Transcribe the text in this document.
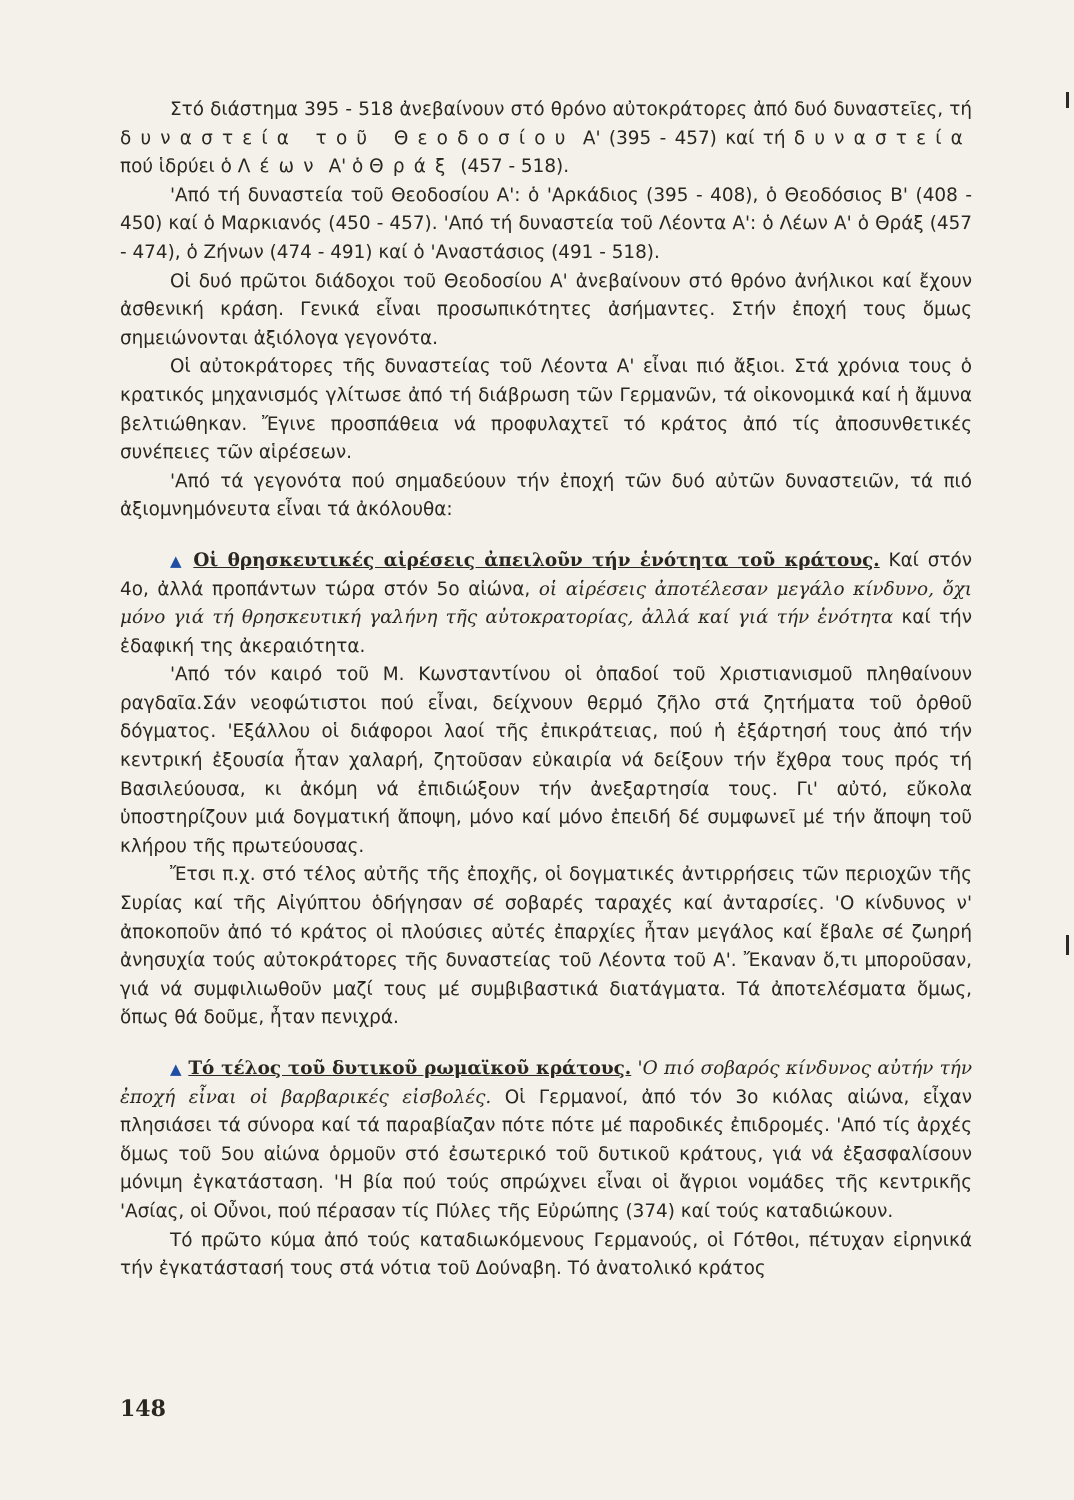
Στό διάστημα 395 - 518 ἀνεβαίνουν στό θρόνο αὐτοκράτορες ἀπό δυό δυναστεῖες, τή δυναστεία τοῦ Θεοδοσίου Α' (395 - 457) καί τή δυναστεία πού ἱδρύει ὁ Λέων Α' ὁ Θράξ (457 - 518).

'Από τή δυναστεία τοῦ Θεοδοσίου Α': ὁ 'Αρκάδιος (395 - 408), ὁ Θεοδόσιος Β' (408 - 450) καί ὁ Μαρκιανός (450 - 457). 'Από τή δυναστεία τοῦ Λέοντα Α': ὁ Λέων Α' ὁ Θράξ (457 - 474), ὁ Ζήνων (474 - 491) καί ὁ 'Αναστάσιος (491 - 518).

Οἱ δυό πρῶτοι διάδοχοι τοῦ Θεοδοσίου Α' ἀνεβαίνουν στό θρόνο ἀνήλικοι καί ἔχουν ἀσθενική κράση. Γενικά εἶναι προσωπικότητες ἀσήμαντες. Στήν ἐποχή τους ὅμως σημειώνονται ἀξιόλογα γεγονότα.

Οἱ αὐτοκράτορες τῆς δυναστείας τοῦ Λέοντα Α' εἶναι πιό ἄξιοι. Στά χρόνια τους ὁ κρατικός μηχανισμός γλίτωσε ἀπό τή διάβρωση τῶν Γερμανῶν, τά οἰκονομικά καί ἡ ἄμυνα βελτιώθηκαν. Ἔγινε προσπάθεια νά προφυλαχτεῖ τό κράτος ἀπό τίς ἀποσυνθετικές συνέπειες τῶν αἱρέσεων.

'Από τά γεγονότα πού σημαδεύουν τήν ἐποχή τῶν δυό αὐτῶν δυναστειῶν, τά πιό ἀξιομνημόνευτα εἶναι τά ἀκόλουθα:

▲ Οἱ θρησκευτικές αἱρέσεις ἀπειλοῦν τήν ἑνότητα τοῦ κράτους. Καί στόν 4ο, ἀλλά προπάντων τώρα στόν 5ο αἰώνα, οἱ αἱρέσεις ἀποτέλεσαν μεγάλο κίνδυνο, ὄχι μόνο γιά τή θρησκευτική γαλήνη τῆς αὐτοκρατορίας, ἀλλά καί γιά τήν ἑνότητα καί τήν ἐδαφική της ἀκεραιότητα.

'Από τόν καιρό τοῦ Μ. Κωνσταντίνου οἱ ὀπαδοί τοῦ Χριστιανισμοῦ πληθαίνουν ραγδαῖα.Σάν νεοφώτιστοι πού εἶναι, δείχνουν θερμό ζῆλο στά ζητήματα τοῦ ὀρθοῦ δόγματος. 'Εξάλλου οἱ διάφοροι λαοί τῆς ἐπικράτειας, πού ἡ ἐξάρτησή τους ἀπό τήν κεντρική ἐξουσία ἦταν χαλαρή, ζητοῦσαν εὐκαιρία νά δείξουν τήν ἔχθρα τους πρός τή Βασιλεύουσα, κι ἀκόμη νά ἐπιδιώξουν τήν ἀνεξαρτησία τους. Γι' αὐτό, εὔκολα ὑποστηρίζουν μιά δογματική ἄποψη, μόνο καί μόνο ἐπειδή δέ συμφωνεῖ μέ τήν ἄποψη τοῦ κλήρου τῆς πρωτεύουσας.

Ἔτσι π.χ. στό τέλος αὐτῆς τῆς ἐποχῆς, οἱ δογματικές ἀντιρρήσεις τῶν περιοχῶν τῆς Συρίας καί τῆς Αἰγύπτου ὁδήγησαν σέ σοβαρές ταραχές καί ἀνταρσίες. 'Ο κίνδυνος ν' ἀποκοποῦν ἀπό τό κράτος οἱ πλούσιες αὐτές ἐπαρχίες ἦταν μεγάλος καί ἔβαλε σέ ζωηρή ἀνησυχία τούς αὐτοκράτορες τῆς δυναστείας τοῦ Λέοντα τοῦ Α'. Ἔκαναν ὅ,τι μποροῦσαν, γιά νά συμφιλιωθοῦν μαζί τους μέ συμβιβαστικά διατάγματα. Τά ἀποτελέσματα ὅμως, ὅπως θά δοῦμε, ἦταν πενιχρά.

▲ Τό τέλος τοῦ δυτικοῦ ρωμαϊκοῦ κράτους. 'Ο πιό σοβαρός κίνδυνος αὐτήν τήν ἐποχή εἶναι οἱ βαρβαρικές εἰσβολές. Οἱ Γερμανοί, ἀπό τόν 3ο κιόλας αἰώνα, εἶχαν πλησιάσει τά σύνορα καί τά παραβίαζαν πότε πότε μέ παροδικές ἐπιδρομές. 'Από τίς ἀρχές ὅμως τοῦ 5ου αἰώνα ὁρμοῦν στό ἐσωτερικό τοῦ δυτικοῦ κράτους, γιά νά ἐξασφαλίσουν μόνιμη ἐγκατάσταση. 'Η βία πού τούς σπρώχνει εἶναι οἱ ἄγριοι νομάδες τῆς κεντρικῆς 'Ασίας, οἱ Οὖνοι, πού πέρασαν τίς Πύλες τῆς Εὐρώπης (374) καί τούς καταδιώκουν.

Τό πρῶτο κύμα ἀπό τούς καταδιωκόμενους Γερμανούς, οἱ Γότθοι, πέτυχαν εἰρηνικά τήν ἐγκατάστασή τους στά νότια τοῦ Δούναβη. Τό ἀνατολικό κράτος

148
